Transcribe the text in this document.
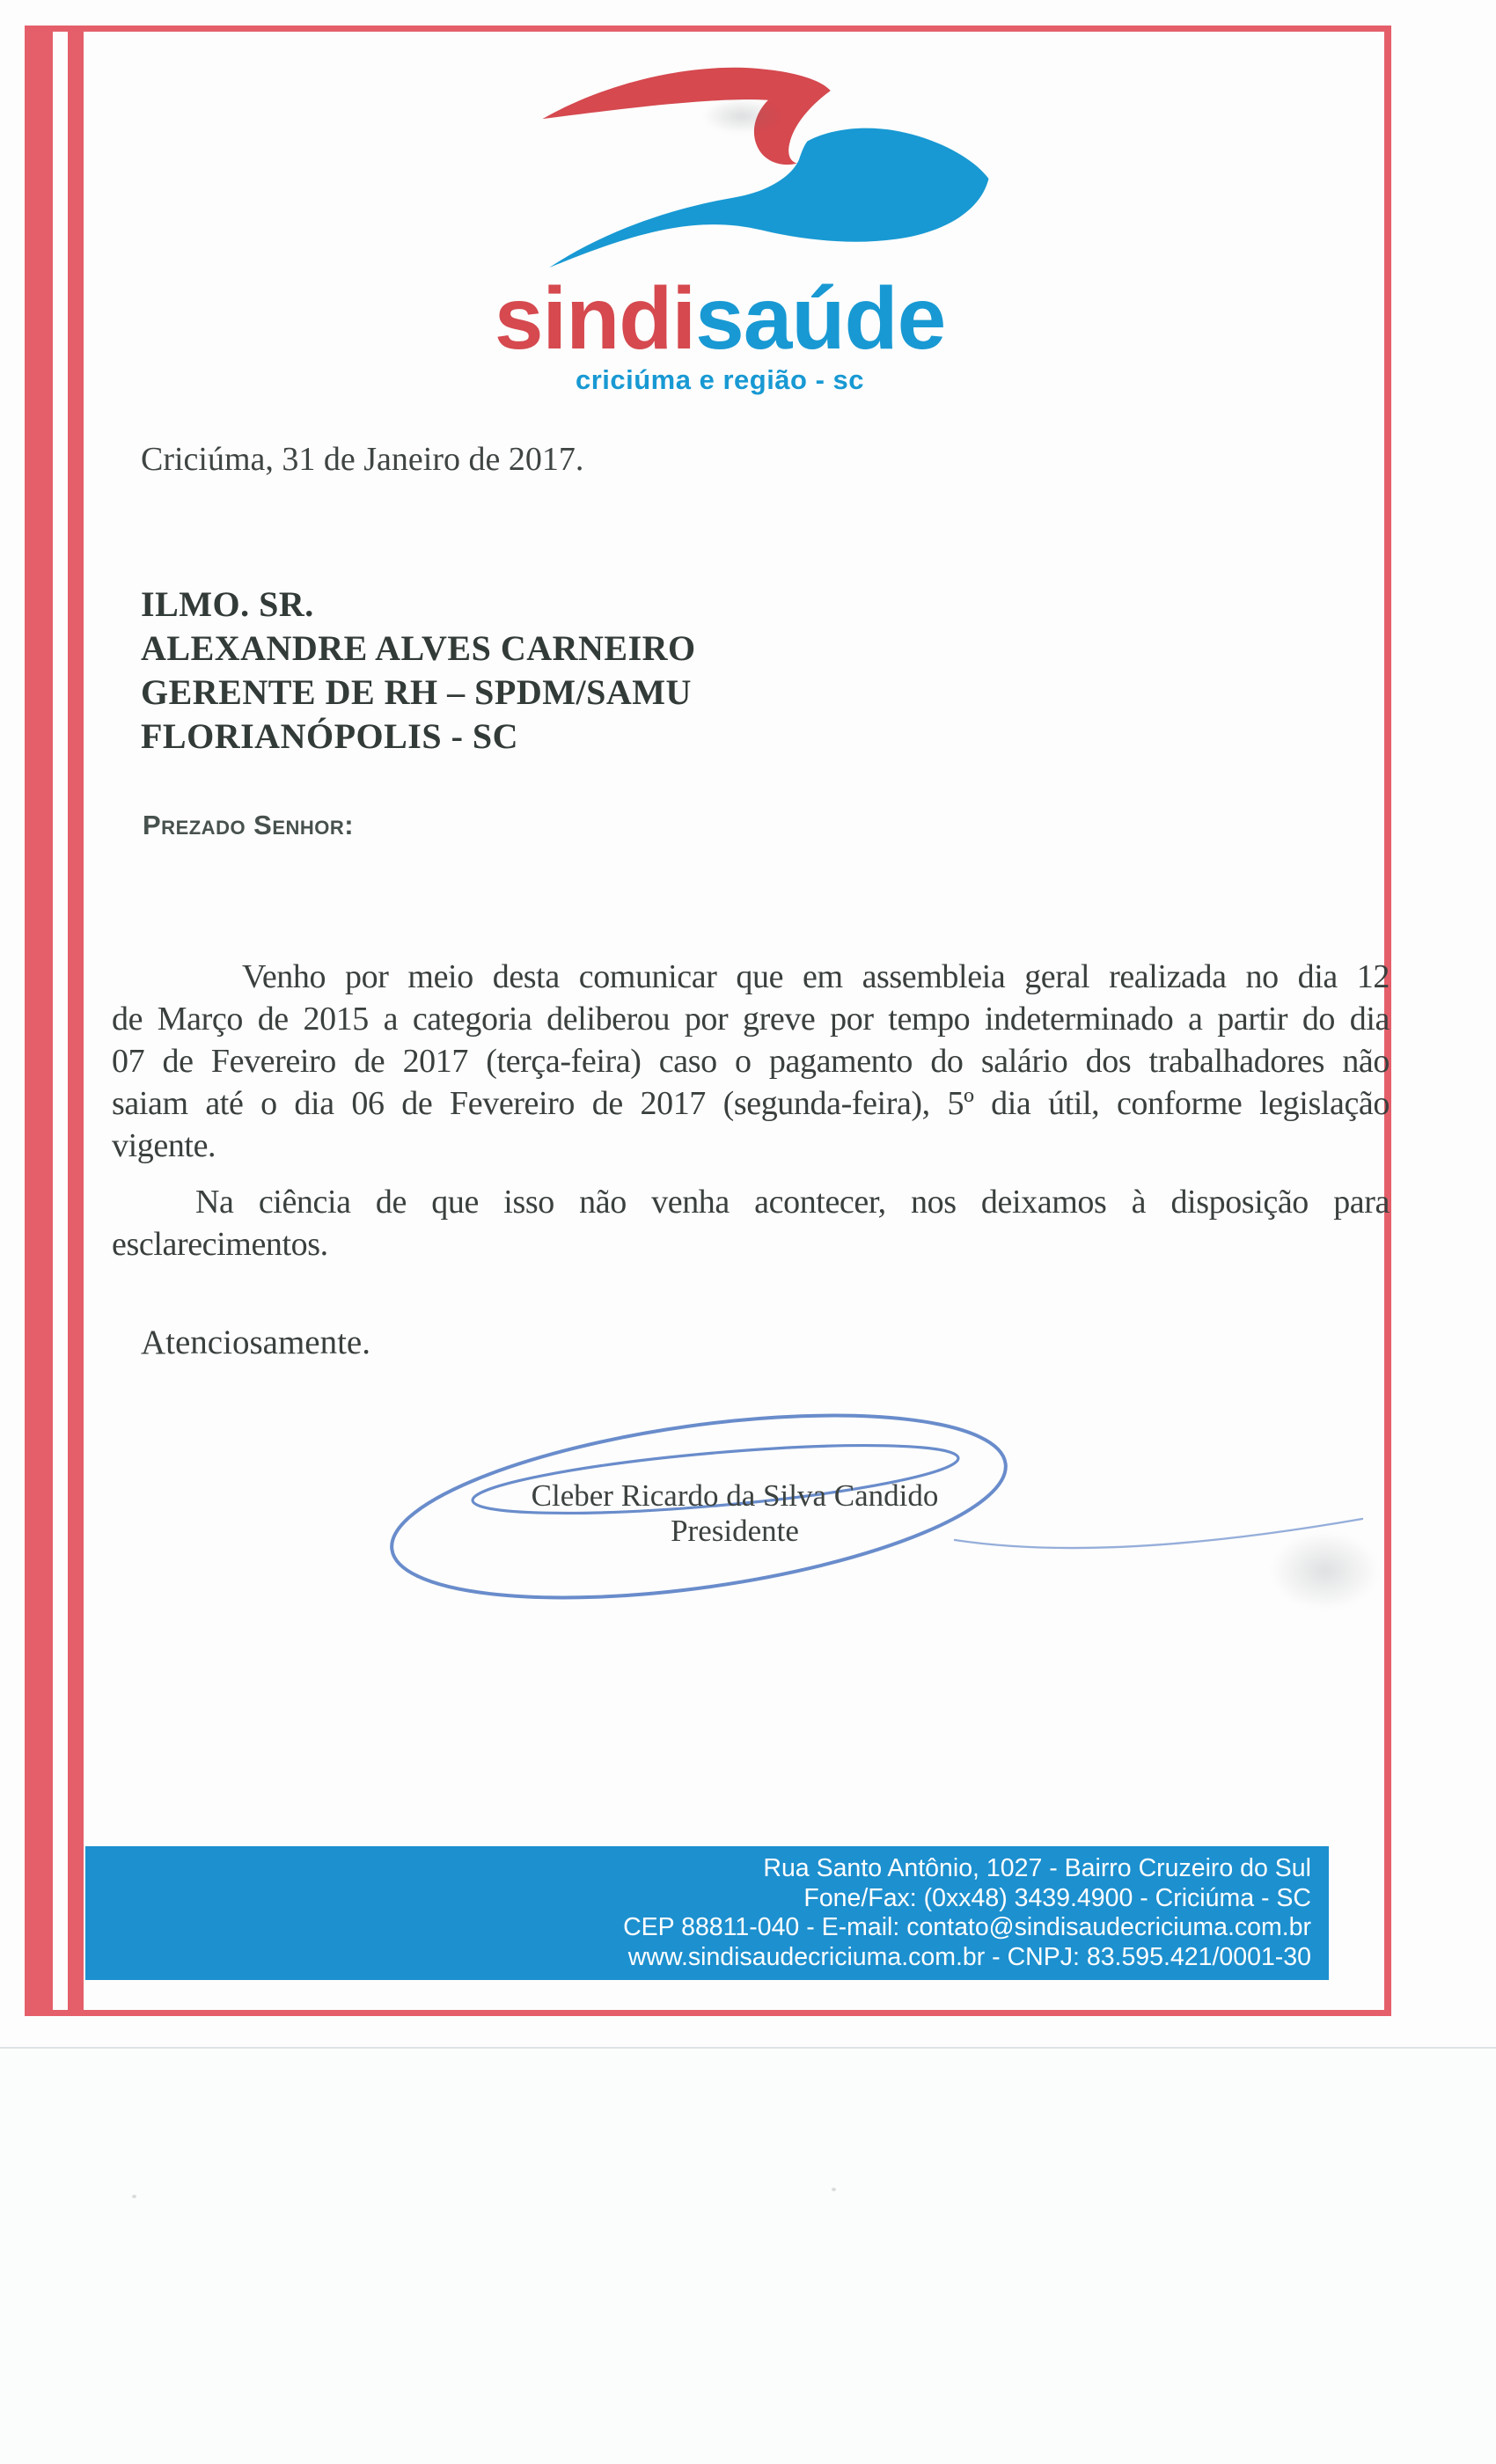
sindisaúde
criciúma e região - sc
Criciúma, 31 de Janeiro de 2017.
ILMO. SR.
ALEXANDRE ALVES CARNEIRO
GERENTE DE RH – SPDM/SAMU
FLORIANÓPOLIS - SC
Prezado Senhor:
Venho por meio desta comunicar que em assembleia geral realizada no dia 12
de Março de 2015 a categoria deliberou por greve por tempo indeterminado a partir do dia
07 de Fevereiro de 2017 (terça-feira) caso o pagamento do salário dos trabalhadores não
saiam até o dia 06 de Fevereiro de 2017 (segunda-feira), 5º dia útil, conforme legislação
vigente.
Na ciência de que isso não venha acontecer, nos deixamos à disposição para
esclarecimentos.
Atenciosamente.
Cleber Ricardo da Silva Candido
Presidente
Rua Santo Antônio, 1027 - Bairro Cruzeiro do Sul
Fone/Fax: (0xx48) 3439.4900 - Criciúma - SC
CEP 88811-040 - E-mail: contato@sindisaudecriciuma.com.br
www.sindisaudecriciuma.com.br - CNPJ: 83.595.421/0001-30
